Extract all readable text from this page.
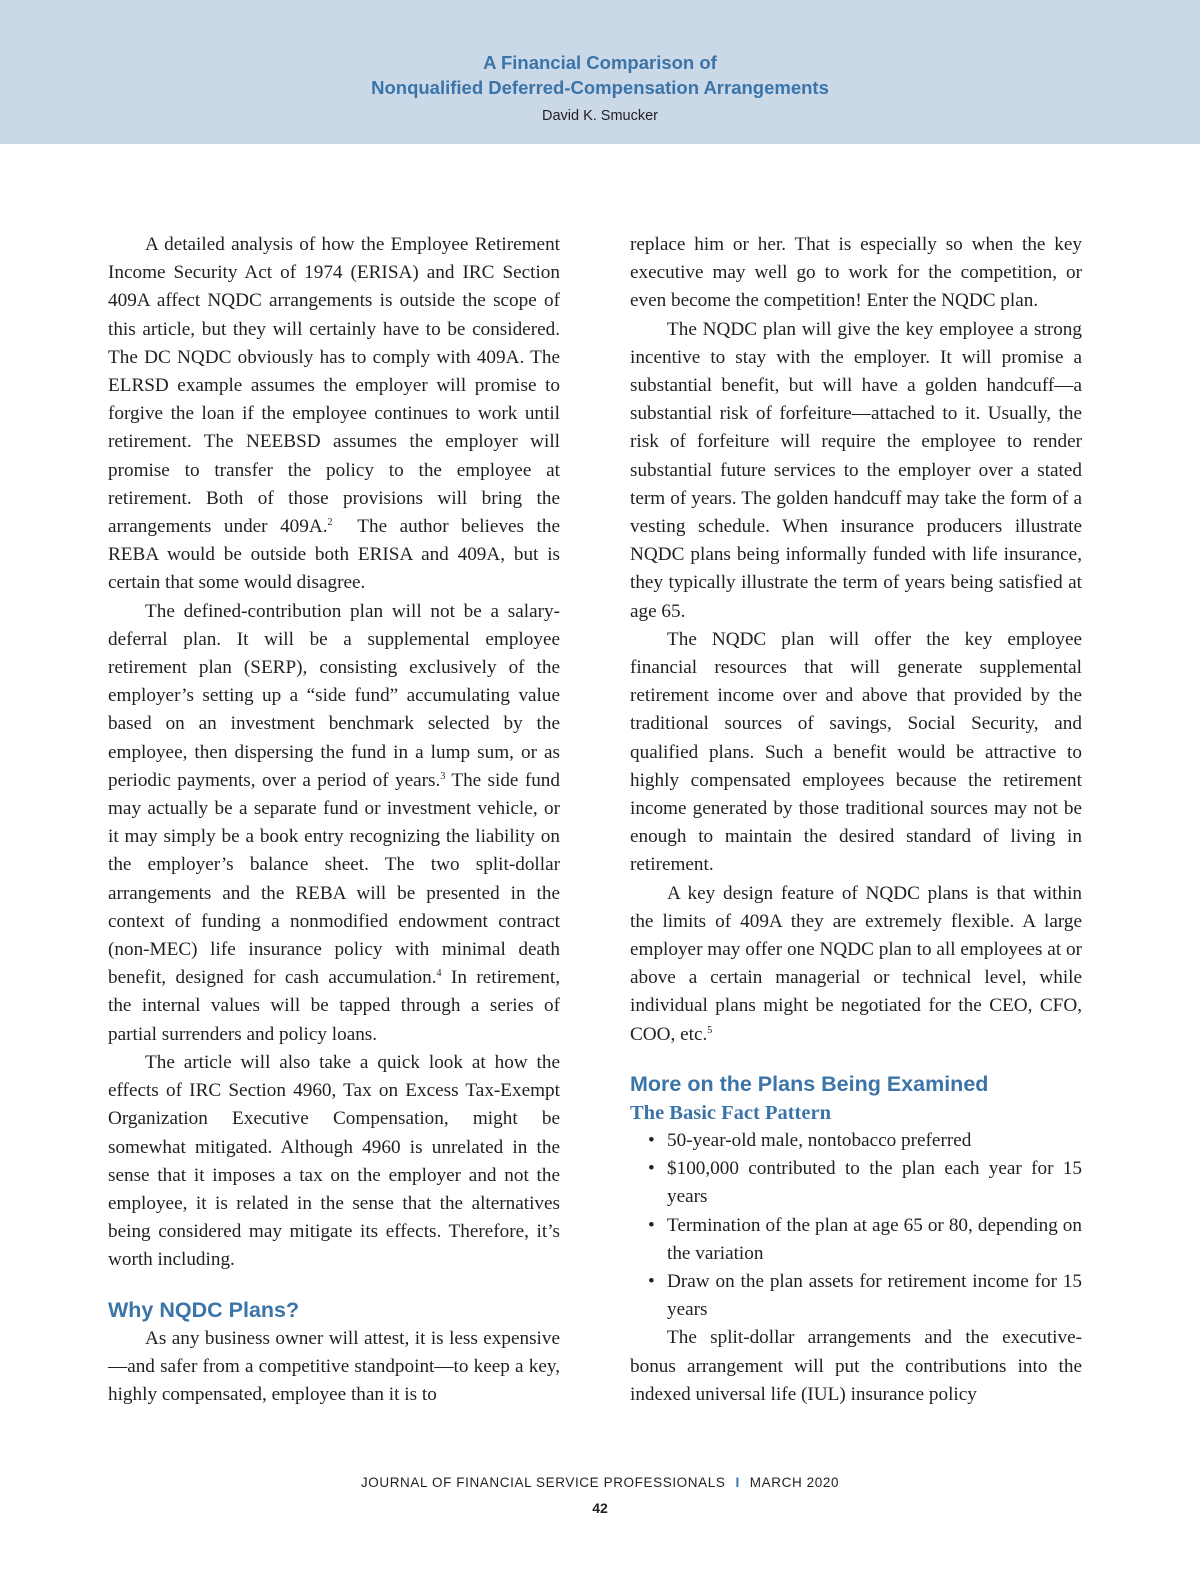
A Financial Comparison of
Nonqualified Deferred-Compensation Arrangements
David K. Smucker

A detailed analysis of how the Employee Retirement Income Security Act of 1974 (ERISA) and IRC Section 409A affect NQDC arrangements is outside the scope of this article, but they will certainly have to be considered. The DC NQDC obviously has to comply with 409A. The ELRSD example assumes the employer will promise to forgive the loan if the employee continues to work until retirement. The NEEBSD assumes the employer will promise to transfer the policy to the employee at retirement. Both of those provisions will bring the arrangements under 409A.$^2$ The author believes the REBA would be outside both ERISA and 409A, but is certain that some would disagree.

The defined-contribution plan will not be a salary-deferral plan. It will be a supplemental employee retirement plan (SERP), consisting exclusively of the employer’s setting up a “side fund” accumulating value based on an investment benchmark selected by the employee, then dispersing the fund in a lump sum, or as periodic payments, over a period of years.$^3$ The side fund may actually be a separate fund or investment vehicle, or it may simply be a book entry recognizing the liability on the employer’s balance sheet. The two split-dollar arrangements and the REBA will be presented in the context of funding a nonmodified endowment contract (non-MEC) life insurance policy with minimal death benefit, designed for cash accumulation.$^4$ In retirement, the internal values will be tapped through a series of partial surrenders and policy loans.

The article will also take a quick look at how the effects of IRC Section 4960, Tax on Excess Tax-Exempt Organization Executive Compensation, might be somewhat mitigated. Although 4960 is unrelated in the sense that it imposes a tax on the employer and not the employee, it is related in the sense that the alternatives being considered may mitigate its effects. Therefore, it’s worth including.

Why NQDC Plans?

As any business owner will attest, it is less expensive—and safer from a competitive standpoint—to keep a key, highly compensated, employee than it is to

replace him or her. That is especially so when the key executive may well go to work for the competition, or even become the competition! Enter the NQDC plan.

The NQDC plan will give the key employee a strong incentive to stay with the employer. It will promise a substantial benefit, but will have a golden handcuff—a substantial risk of forfeiture—attached to it. Usually, the risk of forfeiture will require the employee to render substantial future services to the employer over a stated term of years. The golden handcuff may take the form of a vesting schedule. When insurance producers illustrate NQDC plans being informally funded with life insurance, they typically illustrate the term of years being satisfied at age 65.

The NQDC plan will offer the key employee financial resources that will generate supplemental retirement income over and above that provided by the traditional sources of savings, Social Security, and qualified plans. Such a benefit would be attractive to highly compensated employees because the retirement income generated by those traditional sources may not be enough to maintain the desired standard of living in retirement.

A key design feature of NQDC plans is that within the limits of 409A they are extremely flexible. A large employer may offer one NQDC plan to all employees at or above a certain managerial or technical level, while individual plans might be negotiated for the CEO, CFO, COO, etc.$^5$

More on the Plans Being Examined
The Basic Fact Pattern
• 50-year-old male, nontobacco preferred
• $100,000 contributed to the plan each year for 15 years
• Termination of the plan at age 65 or 80, depending on the variation
• Draw on the plan assets for retirement income for 15 years

The split-dollar arrangements and the executive-bonus arrangement will put the contributions into the indexed universal life (IUL) insurance policy

JOURNAL OF FINANCIAL SERVICE PROFESSIONALS I MARCH 2020
42
